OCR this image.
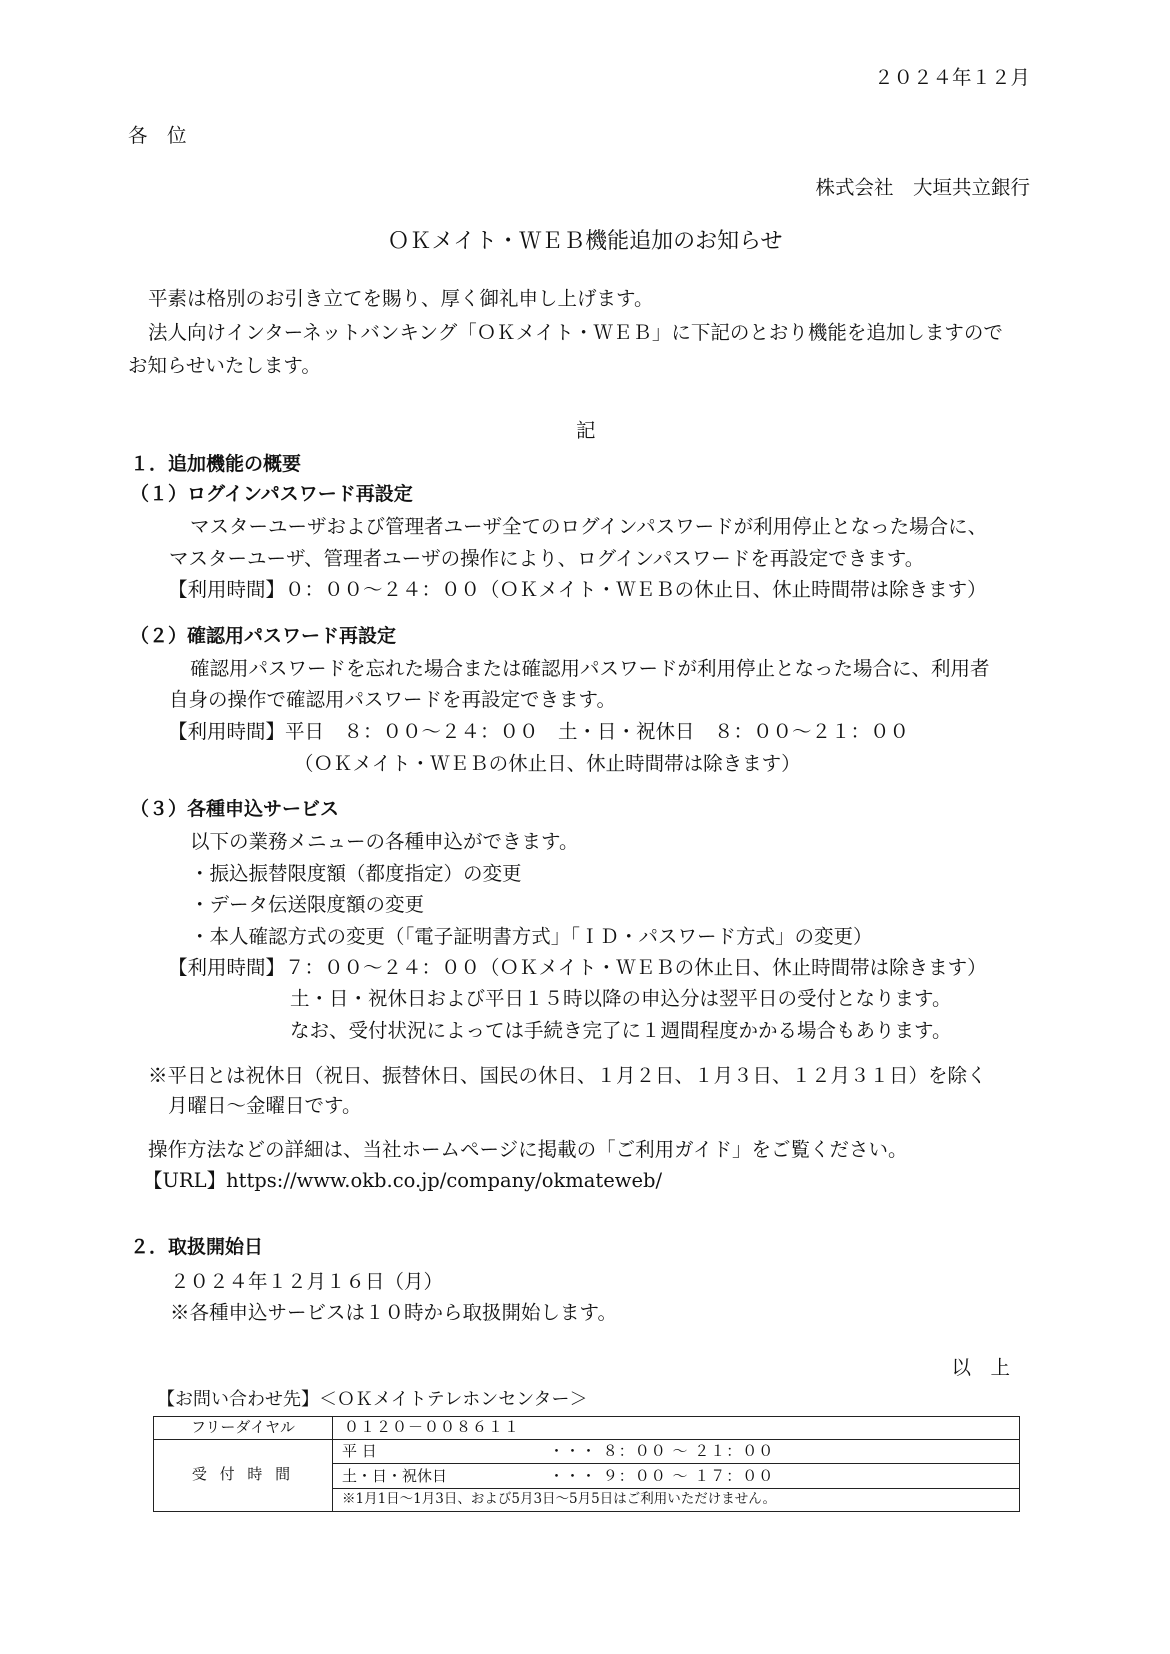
２０２４年１２月
各　位
株式会社　大垣共立銀行
ＯＫメイト・ＷＥＢ機能追加のお知らせ
平素は格別のお引き立てを賜り、厚く御礼申し上げます。
法人向けインターネットバンキング「ＯＫメイト・ＷＥＢ」に下記のとおり機能を追加しますので
お知らせいたします。
記
１．追加機能の概要
（１）ログインパスワード再設定
マスターユーザおよび管理者ユーザ全てのログインパスワードが利用停止となった場合に、
マスターユーザ、管理者ユーザの操作により、ログインパスワードを再設定できます。
【利用時間】０：００～２４：００（ＯＫメイト・ＷＥＢの休止日、休止時間帯は除きます）
（２）確認用パスワード再設定
確認用パスワードを忘れた場合または確認用パスワードが利用停止となった場合に、利用者
自身の操作で確認用パスワードを再設定できます。
【利用時間】平日　８：００～２４：００　土・日・祝休日　８：００～２１：００
（ＯＫメイト・ＷＥＢの休止日、休止時間帯は除きます）
（３）各種申込サービス
以下の業務メニューの各種申込ができます。
・振込振替限度額（都度指定）の変更
・データ伝送限度額の変更
・本人確認方式の変更（「電子証明書方式」「ＩＤ・パスワード方式」の変更）
【利用時間】７：００～２４：００（ＯＫメイト・ＷＥＢの休止日、休止時間帯は除きます）
土・日・祝休日および平日１５時以降の申込分は翌平日の受付となります。
なお、受付状況によっては手続き完了に１週間程度かかる場合もあります。
※平日とは祝休日（祝日、振替休日、国民の休日、１月２日、１月３日、１２月３１日）を除く
月曜日～金曜日です。
操作方法などの詳細は、当社ホームページに掲載の「ご利用ガイド」をご覧ください。
【URL】https://www.okb.co.jp/company/okmateweb/
２．取扱開始日
２０２４年１２月１６日（月）
※各種申込サービスは１０時から取扱開始します。
以　上
【お問い合わせ先】＜ＯＫメイトテレホンセンター＞
フリーダイヤル	０１２０－００８６１１
受 付 時 間
平 日	・・・ ８：００ ～ ２１：００
土・日・祝休日	・・・ ９：００ ～ １７：００
※1月1日～1月3日、および5月3日～5月5日はご利用いただけません。
